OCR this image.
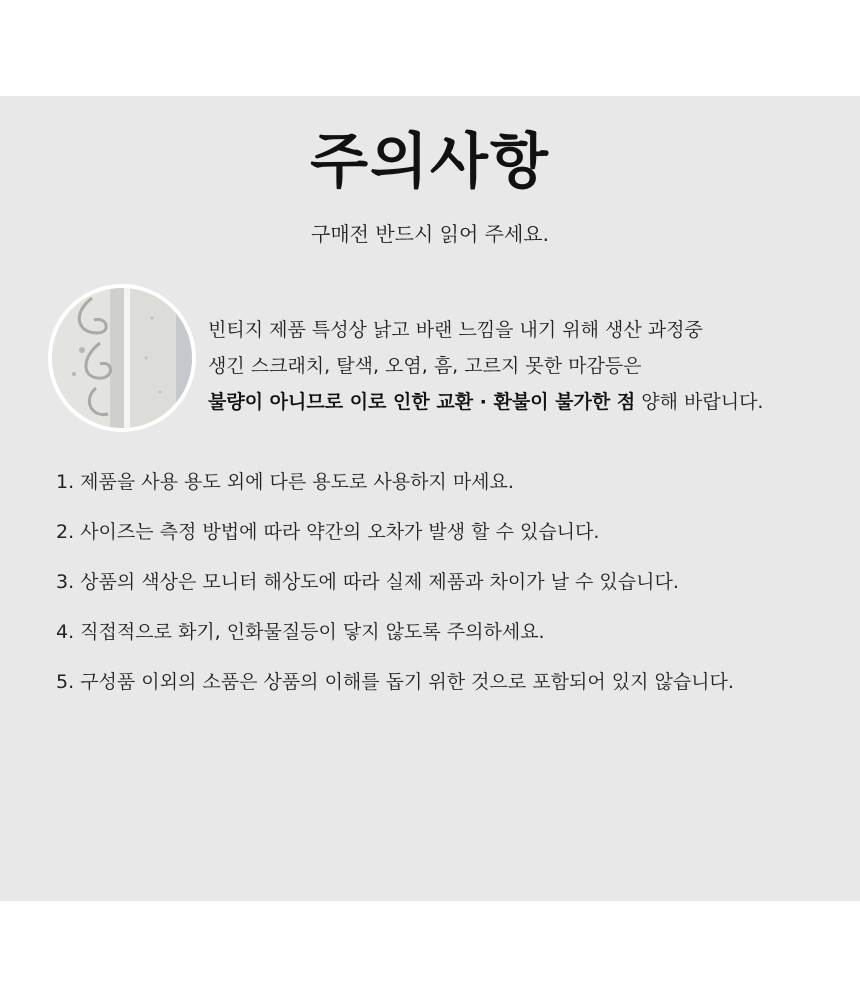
주의사항
구매전 반드시 읽어 주세요.
빈티지 제품 특성상 낡고 바랜 느낌을 내기 위해 생산 과정중
생긴 스크래치, 탈색, 오염, 흠, 고르지 못한 마감등은
불량이 아니므로 이로 인한 교환 · 환불이 불가한 점 양해 바랍니다.
1. 제품을 사용 용도 외에 다른 용도로 사용하지 마세요.
2. 사이즈는 측정 방법에 따라 약간의 오차가 발생 할 수 있습니다.
3. 상품의 색상은 모니터 해상도에 따라 실제 제품과 차이가 날 수 있습니다.
4. 직접적으로 화기, 인화물질등이 닿지 않도록 주의하세요.
5. 구성품 이외의 소품은 상품의 이해를 돕기 위한 것으로 포함되어 있지 않습니다.
